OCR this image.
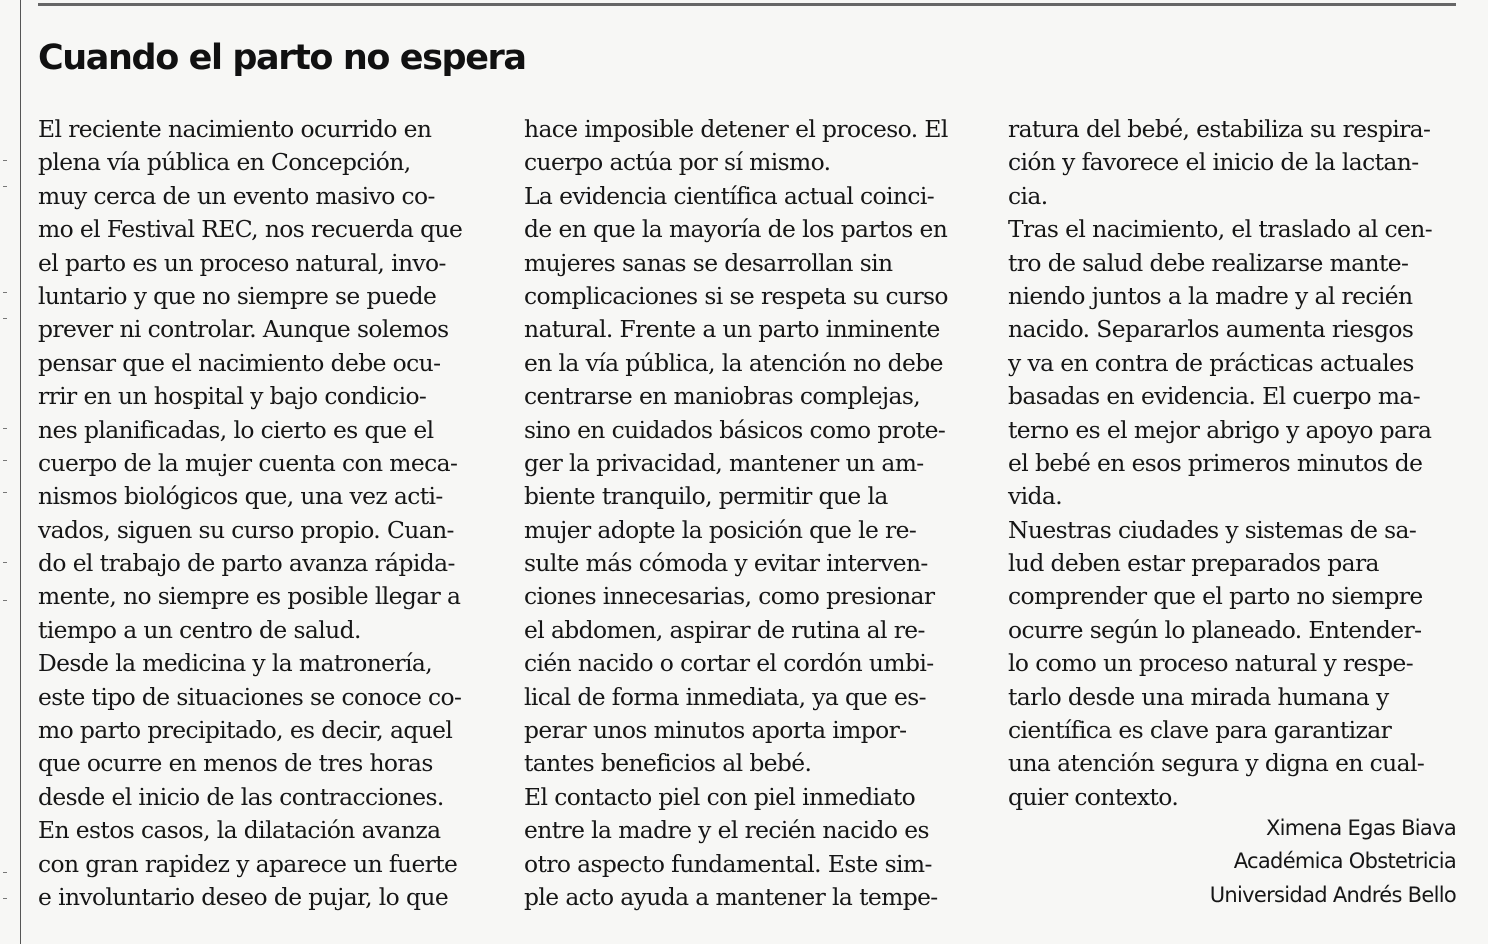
Cuando el parto no espera
El reciente nacimiento ocurrido en
plena vía pública en Concepción,
muy cerca de un evento masivo co-
mo el Festival REC, nos recuerda que
el parto es un proceso natural, invo-
luntario y que no siempre se puede
prever ni controlar. Aunque solemos
pensar que el nacimiento debe ocu-
rrir en un hospital y bajo condicio-
nes planificadas, lo cierto es que el
cuerpo de la mujer cuenta con meca-
nismos biológicos que, una vez acti-
vados, siguen su curso propio. Cuan-
do el trabajo de parto avanza rápida-
mente, no siempre es posible llegar a
tiempo a un centro de salud.
Desde la medicina y la matronería,
este tipo de situaciones se conoce co-
mo parto precipitado, es decir, aquel
que ocurre en menos de tres horas
desde el inicio de las contracciones.
En estos casos, la dilatación avanza
con gran rapidez y aparece un fuerte
e involuntario deseo de pujar, lo que
hace imposible detener el proceso. El
cuerpo actúa por sí mismo.
La evidencia científica actual coinci-
de en que la mayoría de los partos en
mujeres sanas se desarrollan sin
complicaciones si se respeta su curso
natural. Frente a un parto inminente
en la vía pública, la atención no debe
centrarse en maniobras complejas,
sino en cuidados básicos como prote-
ger la privacidad, mantener un am-
biente tranquilo, permitir que la
mujer adopte la posición que le re-
sulte más cómoda y evitar interven-
ciones innecesarias, como presionar
el abdomen, aspirar de rutina al re-
cién nacido o cortar el cordón umbi-
lical de forma inmediata, ya que es-
perar unos minutos aporta impor-
tantes beneficios al bebé.
El contacto piel con piel inmediato
entre la madre y el recién nacido es
otro aspecto fundamental. Este sim-
ple acto ayuda a mantener la tempe-
ratura del bebé, estabiliza su respira-
ción y favorece el inicio de la lactan-
cia.
Tras el nacimiento, el traslado al cen-
tro de salud debe realizarse mante-
niendo juntos a la madre y al recién
nacido. Separarlos aumenta riesgos
y va en contra de prácticas actuales
basadas en evidencia. El cuerpo ma-
terno es el mejor abrigo y apoyo para
el bebé en esos primeros minutos de
vida.
Nuestras ciudades y sistemas de sa-
lud deben estar preparados para
comprender que el parto no siempre
ocurre según lo planeado. Entender-
lo como un proceso natural y respe-
tarlo desde una mirada humana y
científica es clave para garantizar
una atención segura y digna en cual-
quier contexto.
Ximena Egas Biava
Académica Obstetricia
Universidad Andrés Bello
